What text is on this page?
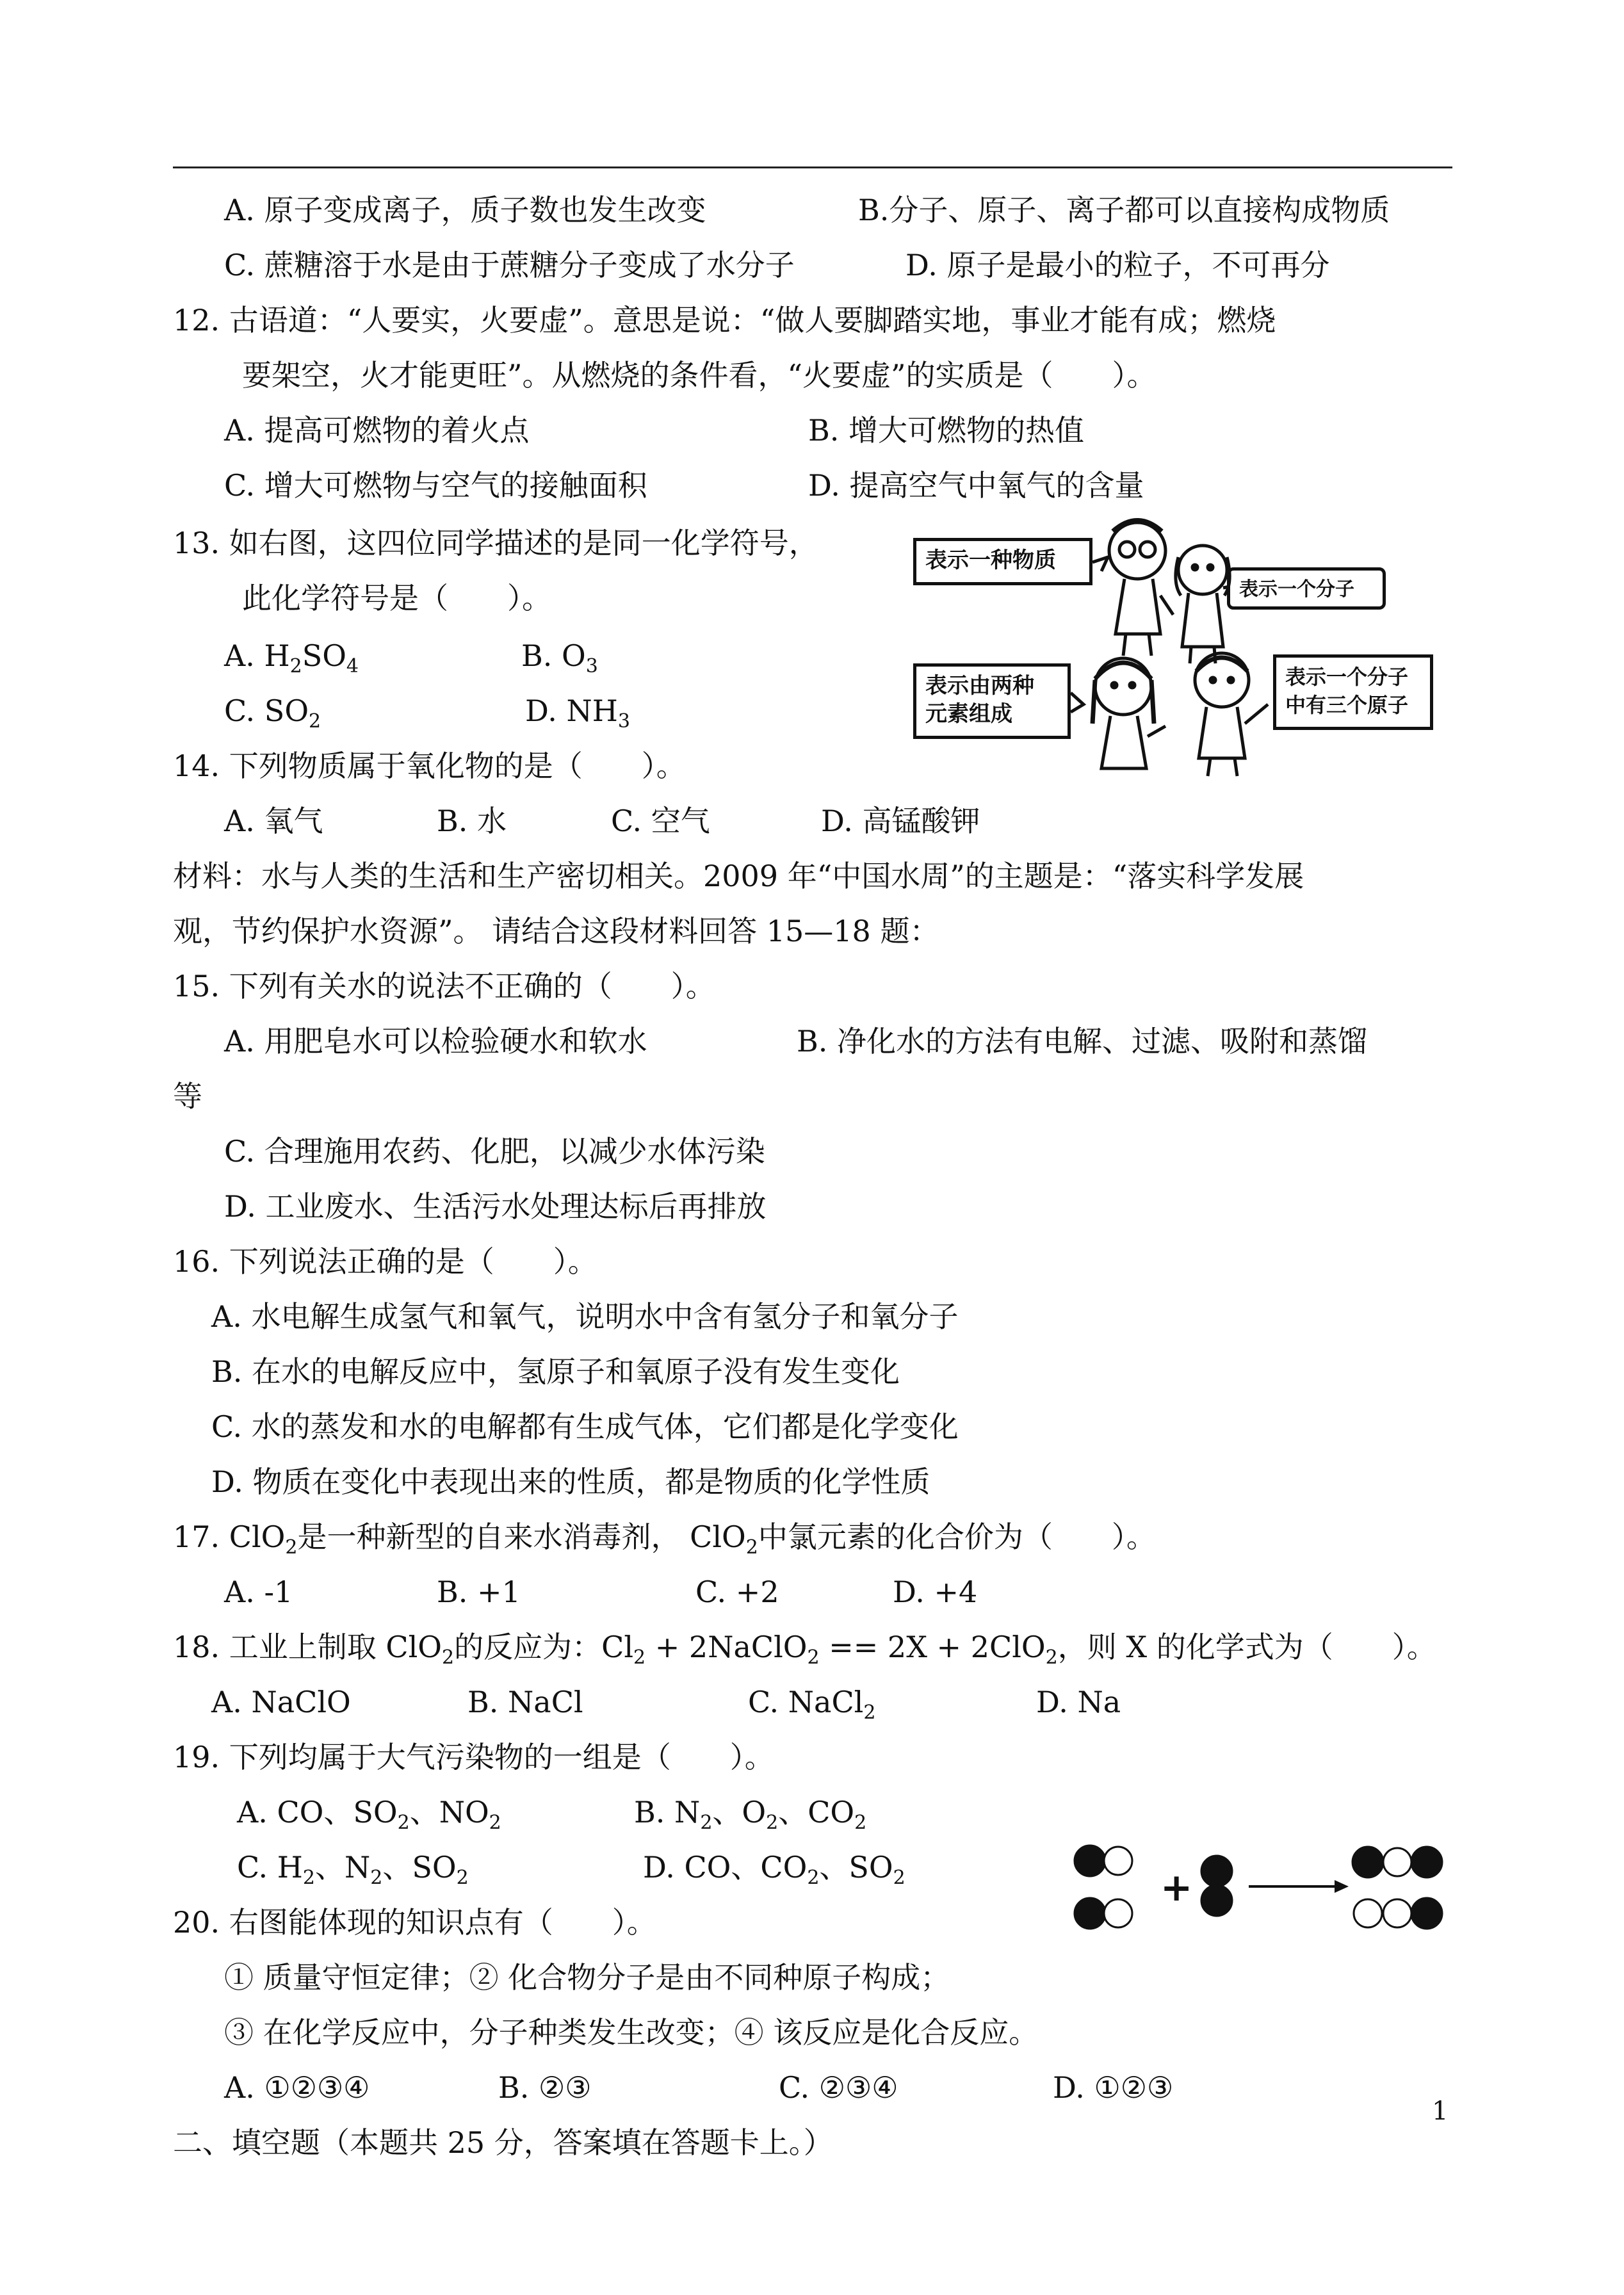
A. 原子变成离子，质子数也发生改变	B.分子、原子、离子都可以直接构成物质
C. 蔗糖溶于水是由于蔗糖分子变成了水分子	D. 原子是最小的粒子，不可再分
12. 古语道：“人要实，火要虚”。意思是说：“做人要脚踏实地，事业才能有成；燃烧
要架空，火才能更旺”。从燃烧的条件看，“火要虚”的实质是（　　）。
A. 提高可燃物的着火点	B. 增大可燃物的热值
C. 增大可燃物与空气的接触面积	D. 提高空气中氧气的含量
13. 如右图，这四位同学描述的是同一化学符号，
此化学符号是（　　）。
A. $H_2SO_4$	B. $O_3$
C. $SO_2$	D. $NH_3$
表示一种物质
表示一个分子
表示由两种
元素组成
表示一个分子
中有三个原子
14. 下列物质属于氧化物的是（　　）。
A. 氧气	B. 水	C. 空气	D. 高锰酸钾
材料：水与人类的生活和生产密切相关。2009 年“中国水周”的主题是：“落实科学发展
观，节约保护水资源”。 请结合这段材料回答 15—18 题：
15. 下列有关水的说法不正确的（　　）。
A. 用肥皂水可以检验硬水和软水	B. 净化水的方法有电解、过滤、吸附和蒸馏
等
C. 合理施用农药、化肥，以减少水体污染
D. 工业废水、生活污水处理达标后再排放
16. 下列说法正确的是（　　）。
A. 水电解生成氢气和氧气，说明水中含有氢分子和氧分子
B. 在水的电解反应中，氢原子和氧原子没有发生变化
C. 水的蒸发和水的电解都有生成气体，它们都是化学变化
D. 物质在变化中表现出来的性质，都是物质的化学性质
17. ClO$_2$是一种新型的自来水消毒剂， ClO$_2$中氯元素的化合价为（　　）。
A. -1	B. +1	C. +2	D. +4
18. 工业上制取 ClO$_2$的反应为：$Cl_2$ + 2NaClO$_2$ == 2X + 2ClO$_2$，则 X 的化学式为（　　）。
A. NaClO	B. NaCl	C. NaCl$_2$	D. Na
19. 下列均属于大气污染物的一组是（　　）。
A. CO、$SO_2$、$NO_2$	B. $N_2$、$O_2$、$CO_2$
C. $H_2$、$N_2$、$SO_2$	D. CO、$CO_2$、$SO_2$
20. 右图能体现的知识点有（　　）。
① 质量守恒定律；② 化合物分子是由不同种原子构成；
③ 在化学反应中，分子种类发生改变；④ 该反应是化合反应。
A. ①②③④	B. ②③	C. ②③④	D. ①②③
+
二、填空题（本题共 25 分，答案填在答题卡上。）
1
